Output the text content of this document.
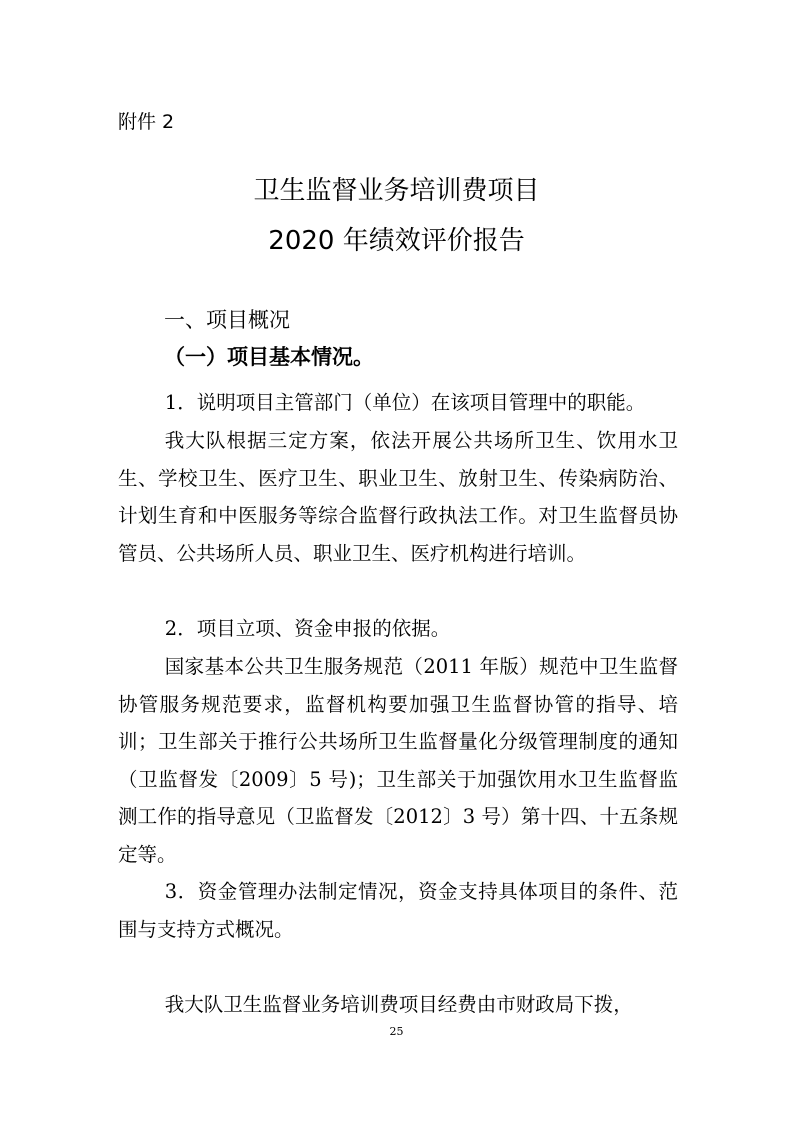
附件 2
卫生监督业务培训费项目
2020 年绩效评价报告
一、项目概况
（一）项目基本情况。

1．说明项目主管部门（单位）在该项目管理中的职能。

我大队根据三定方案，依法开展公共场所卫生、饮用水卫生、学校卫生、医疗卫生、职业卫生、放射卫生、传染病防治、计划生育和中医服务等综合监督行政执法工作。对卫生监督员协管员、公共场所人员、职业卫生、医疗机构进行培训。

2．项目立项、资金申报的依据。

国家基本公共卫生服务规范（2011 年版）规范中卫生监督协管服务规范要求，监督机构要加强卫生监督协管的指导、培训；卫生部关于推行公共场所卫生监督量化分级管理制度的通知（卫监督发〔2009〕5 号)；卫生部关于加强饮用水卫生监督监测工作的指导意见（卫监督发〔2012〕3 号）第十四、十五条规定等。

3．资金管理办法制定情况，资金支持具体项目的条件、范围与支持方式概况。

我大队卫生监督业务培训费项目经费由市财政局下拨，

25
